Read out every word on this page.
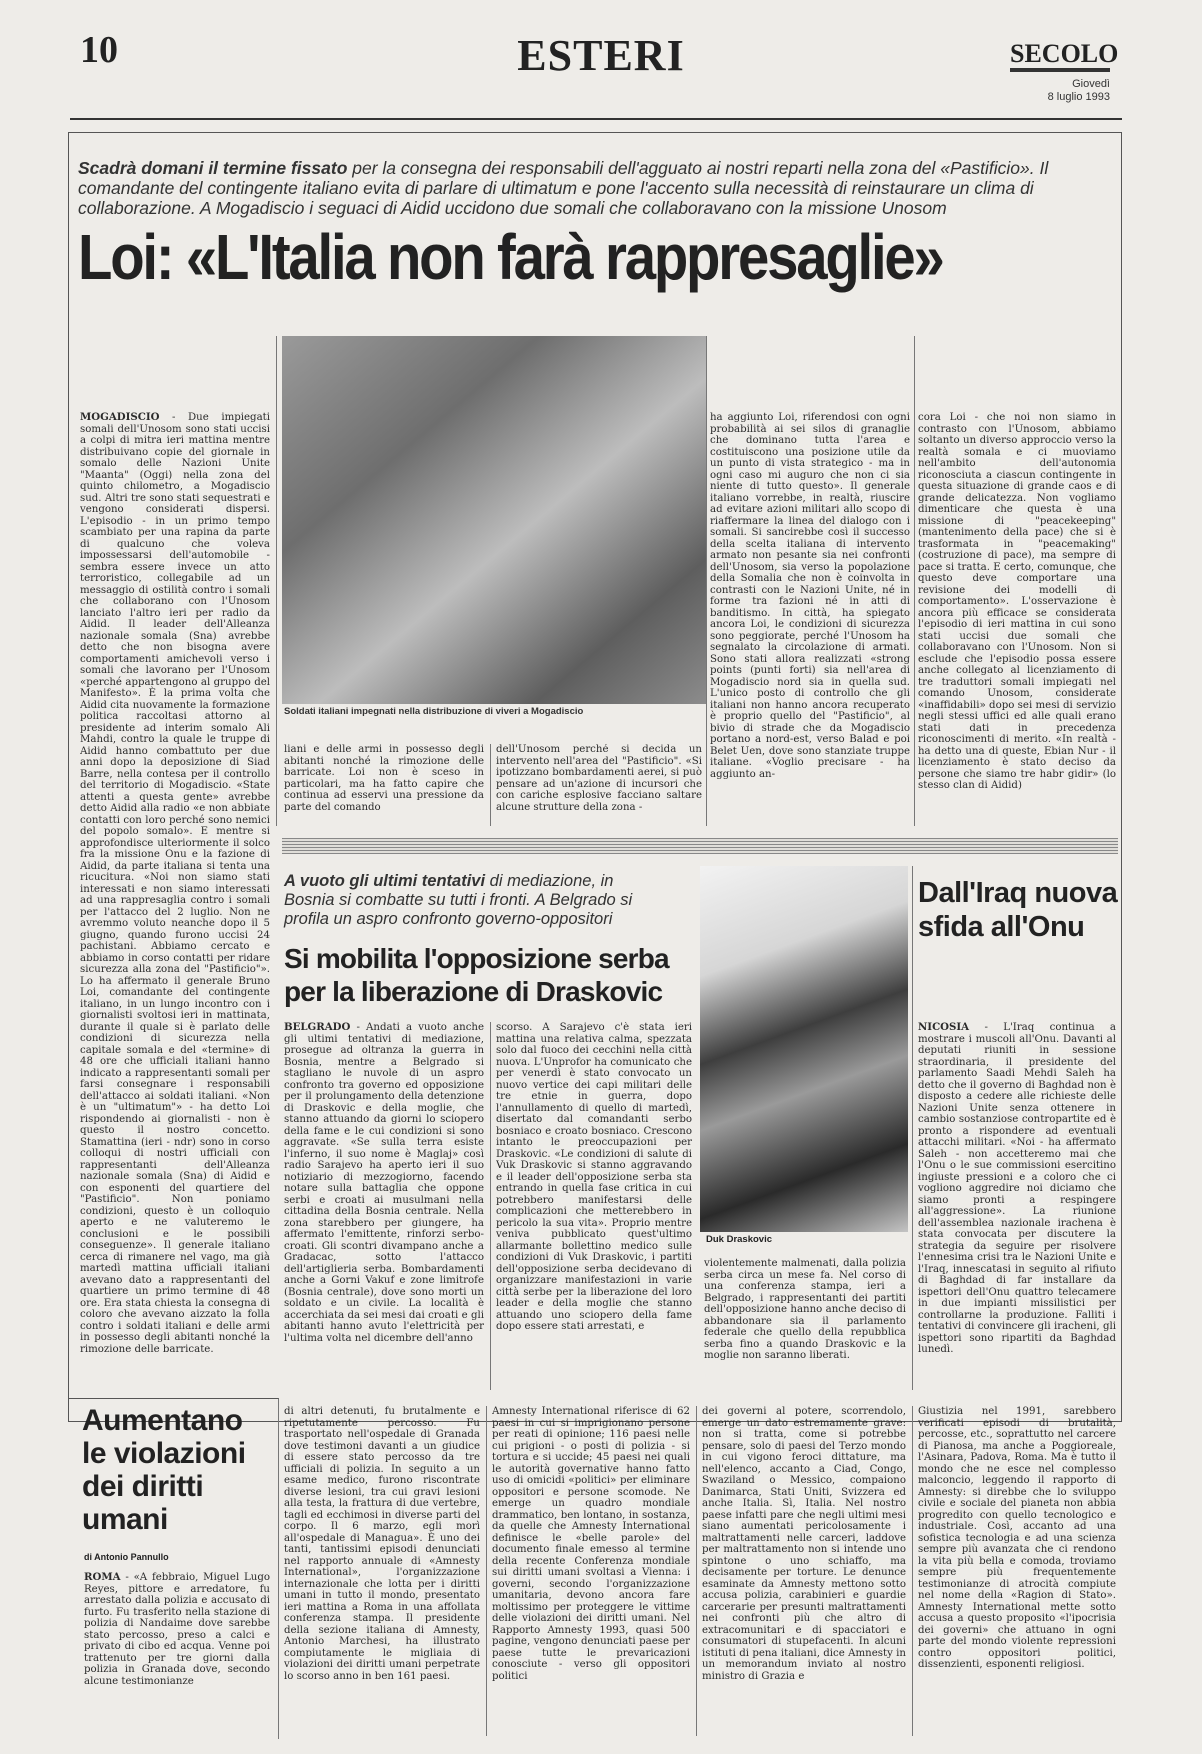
ESTERI
10	SECOLO
Giovedì
8 luglio 1993
Scadrà domani il termine fissato per la consegna dei responsabili dell'agguato ai nostri reparti nella zona del «Pastificio». Il comandante del contingente italiano evita di parlare di ultimatum e pone l'accento sulla necessità di reinstaurare un clima di collaborazione. A Mogadiscio i seguaci di Aidid uccidono due somali che collaboravano con la missione Unosom
Loi: «L'Italia non farà rappresaglie»
MOGADISCIO - Due impiegati somali dell'Unosom sono stati uccisi a colpi di mitra ieri mattina mentre distribuivano copie del giornale in somalo delle Nazioni Unite "Maanta" (Oggi) nella zona del quinto chilometro, a Mogadiscio sud. Altri tre sono stati sequestrati e vengono considerati dispersi. L'episodio - in un primo tempo scambiato per una rapina da parte di qualcuno che voleva impossessarsi dell'automobile - sembra essere invece un atto terroristico, collegabile ad un messaggio di ostilità contro i somali che collaborano con l'Unosom lanciato l'altro ieri per radio da Aidid. Il leader dell'Alleanza nazionale somala (Sna) avrebbe detto che non bisogna avere comportamenti amichevoli verso i somali che lavorano per l'Unosom «perché appartengono al gruppo del Manifesto». È la prima volta che Aidid cita nuovamente la formazione politica raccoltasi attorno al presidente ad interim somalo Ali Mahdi, contro la quale le truppe di Aidid hanno combattuto per due anni dopo la deposizione di Siad Barre, nella contesa per il controllo del territorio di Mogadiscio. «State attenti a questa gente» avrebbe detto Aidid alla radio «e non abbiate contatti con loro perché sono nemici del popolo somalo». E mentre si approfondisce ulteriormente il solco fra la missione Onu e la fazione di Aidid, da parte italiana si tenta una ricucitura. «Noi non siamo stati interessati e non siamo interessati ad una rappresaglia contro i somali per l'attacco del 2 luglio. Non ne avremmo voluto neanche dopo il 5 giugno, quando furono uccisi 24 pachistani. Abbiamo cercato e abbiamo in corso contatti per ridare sicurezza alla zona del "Pastificio"». Lo ha affermato il generale Bruno Loi, comandante del contingente italiano, in un lungo incontro con i giornalisti svoltosi ieri in mattinata, durante il quale si è parlato delle condizioni di sicurezza nella capitale somala e del «termine» di 48 ore che ufficiali italiani hanno indicato a rappresentanti somali per farsi consegnare i responsabili dell'attacco ai soldati italiani. «Non è un "ultimatum"» - ha detto Loi rispondendo ai giornalisti - non è questo il nostro concetto. Stamattina (ieri - ndr) sono in corso colloqui di nostri ufficiali con rappresentanti dell'Alleanza nazionale somala (Sna) di Aidid e con esponenti del quartiere del "Pastificio". Non poniamo condizioni, questo è un colloquio aperto e ne valuteremo le conclusioni e le possibili conseguenze». Il generale italiano cerca di rimanere nel vago, ma già martedì mattina ufficiali italiani avevano dato a rappresentanti del quartiere un primo termine di 48 ore. Era stata chiesta la consegna di coloro che avevano aizzato la folla contro i soldati italiani e delle armi in possesso degli abitanti nonché la rimozione delle barricate.
Soldati italiani impegnati nella distribuzione di viveri a Mogadiscio
liani e delle armi in possesso degli abitanti nonché la rimozione delle barricate. Loi non è sceso in particolari, ma ha fatto capire che continua ad esservi una pressione da parte del comando
dell'Unosom perché si decida un intervento nell'area del "Pastificio". «Si ipotizzano bombardamenti aerei, si può pensare ad un'azione di incursori che con cariche esplosive facciano saltare alcune strutture della zona -
ha aggiunto Loi, riferendosi con ogni probabilità ai sei silos di granaglie che dominano tutta l'area e costituiscono una posizione utile da un punto di vista strategico - ma in ogni caso mi auguro che non ci sia niente di tutto questo». Il generale italiano vorrebbe, in realtà, riuscire ad evitare azioni militari allo scopo di riaffermare la linea del dialogo con i somali. Si sancirebbe così il successo della scelta italiana di intervento armato non pesante sia nei confronti dell'Unosom, sia verso la popolazione della Somalia che non è coinvolta in contrasti con le Nazioni Unite, né in forme tra fazioni né in atti di banditismo. In città, ha spiegato ancora Loi, le condizioni di sicurezza sono peggiorate, perché l'Unosom ha segnalato la circolazione di armati. Sono stati allora realizzati «strong points (punti forti) sia nell'area di Mogadiscio nord sia in quella sud. L'unico posto di controllo che gli italiani non hanno ancora recuperato è proprio quello del "Pastificio", al bivio di strade che da Mogadiscio portano a nord-est, verso Balad e poi Belet Uen, dove sono stanziate truppe italiane. «Voglio precisare - ha aggiunto an-
cora Loi - che noi non siamo in contrasto con l'Unosom, abbiamo soltanto un diverso approccio verso la realtà somala e ci muoviamo nell'ambito dell'autonomia riconosciuta a ciascun contingente in questa situazione di grande caos e di grande delicatezza. Non vogliamo dimenticare che questa è una missione di "peacekeeping" (mantenimento della pace) che si è trasformata in "peacemaking" (costruzione di pace), ma sempre di pace si tratta. E certo, comunque, che questo deve comportare una revisione dei modelli di comportamento». L'osservazione è ancora più efficace se considerata l'episodio di ieri mattina in cui sono stati uccisi due somali che collaboravano con l'Unosom. Non si esclude che l'episodio possa essere anche collegato al licenziamento di tre traduttori somali impiegati nel comando Unosom, considerate «inaffidabili» dopo sei mesi di servizio negli stessi uffici ed alle quali erano stati dati in precedenza riconoscimenti di merito. «In realtà - ha detto una di queste, Ebian Nur - il licenziamento è stato deciso da persone che siamo tre habr gidir» (lo stesso clan di Aidid)
A vuoto gli ultimi tentativi di mediazione, in Bosnia si combatte su tutti i fronti. A Belgrado si profila un aspro confronto governo-oppositori
Si mobilita l'opposizione serba per la liberazione di Draskovic
BELGRADO - Andati a vuoto anche gli ultimi tentativi di mediazione, prosegue ad oltranza la guerra in Bosnia, mentre a Belgrado si stagliano le nuvole di un aspro confronto tra governo ed opposizione per il prolungamento della detenzione di Draskovic e della moglie, che stanno attuando da giorni lo sciopero della fame e le cui condizioni si sono aggravate. «Se sulla terra esiste l'inferno, il suo nome è Maglaj» così radio Sarajevo ha aperto ieri il suo notiziario di mezzogiorno, facendo notare sulla battaglia che oppone serbi e croati ai musulmani nella cittadina della Bosnia centrale. Nella zona starebbero per giungere, ha affermato l'emittente, rinforzi serbo-croati. Gli scontri divampano anche a Gradacac, sotto l'attacco dell'artiglieria serba. Bombardamenti anche a Gorni Vakuf e zone limitrofe (Bosnia centrale), dove sono morti un soldato e un civile. La località è accerchiata da sei mesi dai croati e gli abitanti hanno avuto l'elettricità per l'ultima volta nel dicembre dell'anno
scorso. A Sarajevo c'è stata ieri mattina una relativa calma, spezzata solo dal fuoco dei cecchini nella città nuova. L'Unprofor ha comunicato che per venerdì è stato convocato un nuovo vertice dei capi militari delle tre etnie in guerra, dopo l'annullamento di quello di martedì, disertato dal comandanti serbo bosniaco e croato bosniaco. Crescono intanto le preoccupazioni per Draskovic. «Le condizioni di salute di Vuk Draskovic si stanno aggravando e il leader dell'opposizione serba sta entrando in quella fase critica in cui potrebbero manifestarsi delle complicazioni che metterebbero in pericolo la sua vita». Proprio mentre veniva pubblicato quest'ultimo allarmante bollettino medico sulle condizioni di Vuk Draskovic, i partiti dell'opposizione serba decidevano di organizzare manifestazioni in varie città serbe per la liberazione del loro leader e della moglie che stanno attuando uno sciopero della fame dopo essere stati arrestati, e
Duk Draskovic
violentemente malmenati, dalla polizia serba circa un mese fa. Nel corso di una conferenza stampa, ieri a Belgrado, i rappresentanti dei partiti dell'opposizione hanno anche deciso di abbandonare sia il parlamento federale che quello della repubblica serba fino a quando Draskovic e la moglie non saranno liberati.
Dall'Iraq nuova sfida all'Onu
NICOSIA - L'Iraq continua a mostrare i muscoli all'Onu. Davanti al deputati riuniti in sessione straordinaria, il presidente del parlamento Saadi Mehdi Saleh ha detto che il governo di Baghdad non è disposto a cedere alle richieste delle Nazioni Unite senza ottenere in cambio sostanziose contropartite ed è pronto a rispondere ad eventuali attacchi militari. «Noi - ha affermato Saleh - non accetteremo mai che l'Onu o le sue commissioni esercitino ingiuste pressioni e a coloro che ci vogliono aggredire noi diciamo che siamo pronti a respingere all'aggressione». La riunione dell'assemblea nazionale irachena è stata convocata per discutere la strategia da seguire per risolvere l'ennesima crisi tra le Nazioni Unite e l'Iraq, innescatasi in seguito al rifiuto di Baghdad di far installare da ispettori dell'Onu quattro telecamere in due impianti missilistici per controllarne la produzione. Falliti i tentativi di convincere gli iracheni, gli ispettori sono ripartiti da Baghdad lunedì.
Aumentano le violazioni dei diritti umani
di Antonio Pannullo
ROMA - «A febbraio, Miguel Lugo Reyes, pittore e arredatore, fu arrestato dalla polizia e accusato di furto. Fu trasferito nella stazione di polizia di Nandaime dove sarebbe stato percosso, preso a calci e privato di cibo ed acqua. Venne poi trattenuto per tre giorni dalla polizia in Granada dove, secondo alcune testimonianze
di altri detenuti, fu brutalmente e ripetutamente percosso. Fu trasportato nell'ospedale di Granada dove testimoni davanti a un giudice di essere stato percosso da tre ufficiali di polizia. In seguito a un esame medico, furono riscontrate diverse lesioni, tra cui gravi lesioni alla testa, la frattura di due vertebre, tagli ed ecchimosi in diverse parti del corpo. Il 6 marzo, egli morì all'ospedale di Managua». È uno dei tanti, tantissimi episodi denunciati nel rapporto annuale di «Amnesty International», l'organizzazione internazionale che lotta per i diritti umani in tutto il mondo, presentato ieri mattina a Roma in una affollata conferenza stampa. Il presidente della sezione italiana di Amnesty, Antonio Marchesi, ha illustrato compiutamente le migliaia di violazioni dei diritti umani perpetrate lo scorso anno in ben 161 paesi.
Amnesty International riferisce di 62 paesi in cui si imprigionano persone per reati di opinione; 116 paesi nelle cui prigioni - o posti di polizia - si tortura e si uccide; 45 paesi nei quali le autorità governative hanno fatto uso di omicidi «politici» per eliminare oppositori e persone scomode. Ne emerge un quadro mondiale drammatico, ben lontano, in sostanza, da quelle che Amnesty International definisce le «belle parole» del documento finale emesso al termine della recente Conferenza mondiale sui diritti umani svoltasi a Vienna: i governi, secondo l'organizzazione umanitaria, devono ancora fare moltissimo per proteggere le vittime delle violazioni dei diritti umani. Nel Rapporto Amnesty 1993, quasi 500 pagine, vengono denunciati paese per paese tutte le prevaricazioni conosciute - verso gli oppositori politici
dei governi al potere, scorrendolo, emerge un dato estremamente grave: non si tratta, come si potrebbe pensare, solo di paesi del Terzo mondo in cui vigono feroci dittature, ma nell'elenco, accanto a Ciad, Congo, Swaziland o Messico, compaiono Danimarca, Stati Uniti, Svizzera ed anche Italia. Sì, Italia. Nel nostro paese infatti pare che negli ultimi mesi siano aumentati pericolosamente i maltrattamenti nelle carceri, laddove per maltrattamento non si intende uno spintone o uno schiaffo, ma decisamente per torture. Le denunce esaminate da Amnesty mettono sotto accusa polizia, carabinieri e guardie carcerarie per presunti maltrattamenti nei confronti più che altro di extracomunitari e di spacciatori e consumatori di stupefacenti. In alcuni istituti di pena italiani, dice Amnesty in un memorandum inviato al nostro ministro di Grazia e
Giustizia nel 1991, sarebbero verificati episodi di brutalità, percosse, etc., soprattutto nel carcere di Pianosa, ma anche a Poggioreale, l'Asinara, Padova, Roma. Ma è tutto il mondo che ne esce nel complesso malconcio, leggendo il rapporto di Amnesty: si direbbe che lo sviluppo civile e sociale del pianeta non abbia progredito con quello tecnologico e industriale. Così, accanto ad una sofistica tecnologia e ad una scienza sempre più avanzata che ci rendono la vita più bella e comoda, troviamo sempre più frequentemente testimonianze di atrocità compiute nel nome della «Ragion di Stato». Amnesty International mette sotto accusa a questo proposito «l'ipocrisia dei governi» che attuano in ogni parte del mondo violente repressioni contro oppositori politici, dissenzienti, esponenti religiosi.
